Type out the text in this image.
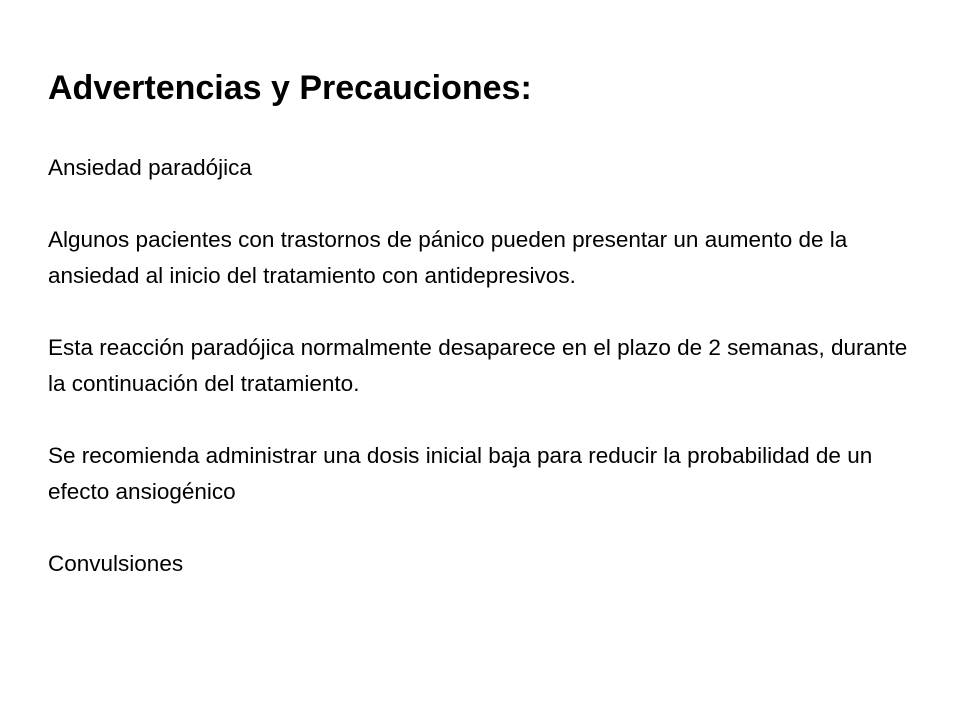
Advertencias y Precauciones:

Ansiedad paradójica

Algunos pacientes con trastornos de pánico pueden presentar un aumento de la ansiedad al inicio del tratamiento con antidepresivos.

Esta reacción paradójica normalmente desaparece en el plazo de 2 semanas, durante la continuación del tratamiento.

Se recomienda administrar una dosis inicial baja para reducir la probabilidad de un efecto ansiogénico

Convulsiones
